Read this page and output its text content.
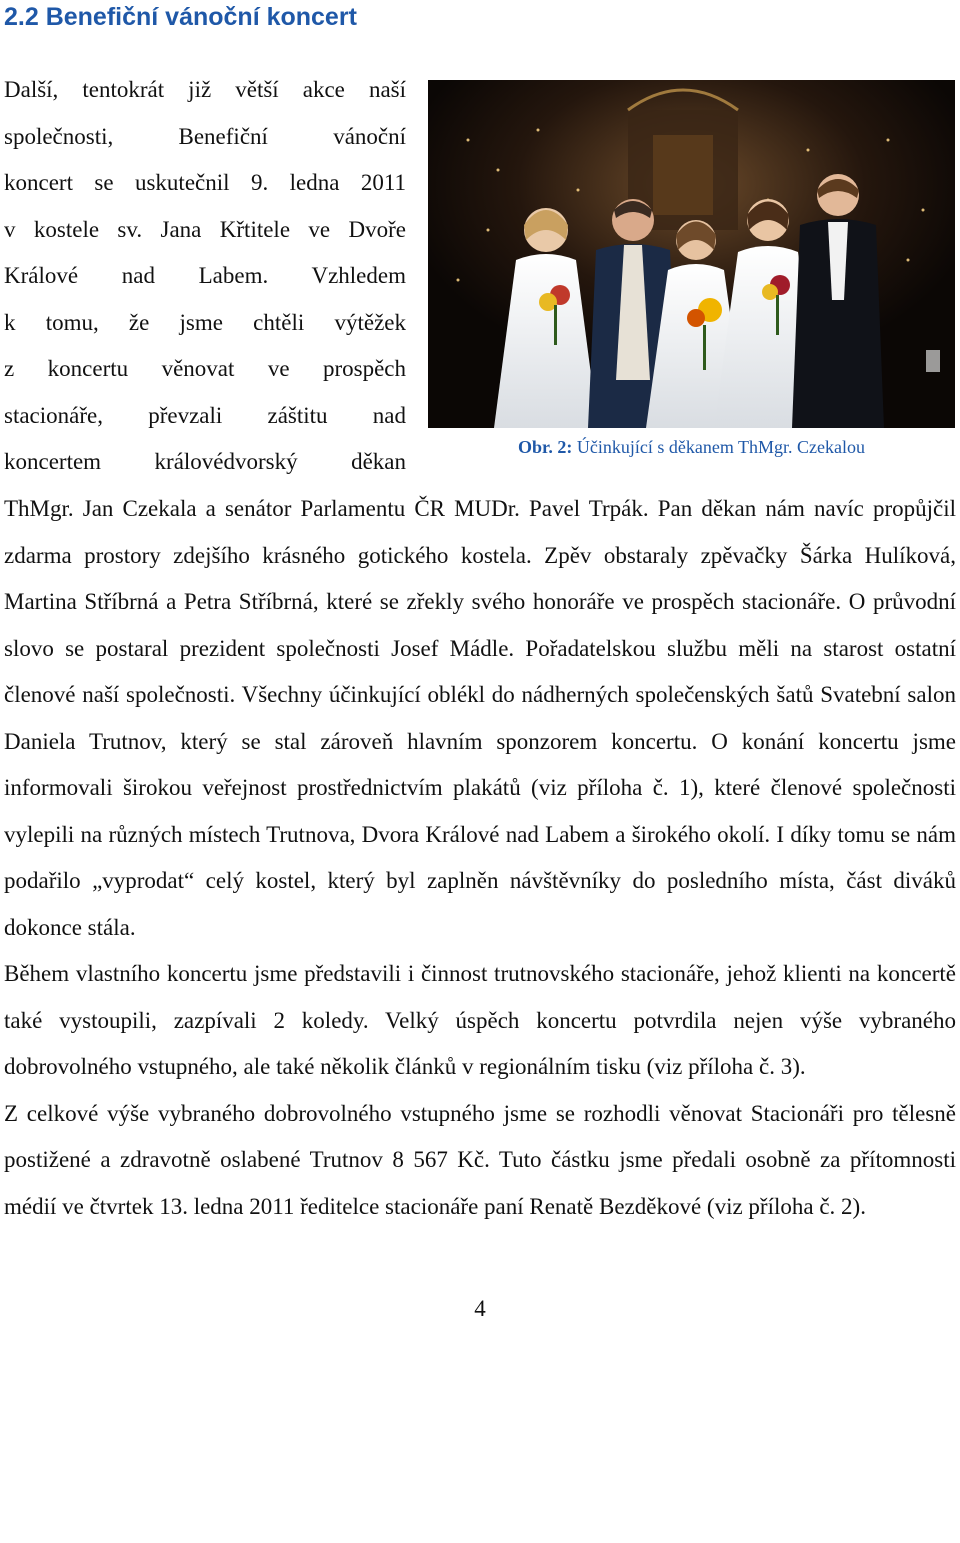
2.2 Benefiční vánoční koncert
Další, tentokrát již větší akce naší
společnosti, Benefiční vánoční
koncert se uskutečnil 9. ledna 2011
v kostele sv. Jana Křtitele ve Dvoře
Králové nad Labem. Vzhledem
k tomu, že jsme chtěli výtěžek
z koncertu věnovat ve prospěch
stacionáře, převzali záštitu nad
koncertem královédvorský děkan

Obr. 2: Účinkující s děkanem ThMgr. Czekalou

ThMgr. Jan Czekala a senátor Parlamentu ČR MUDr. Pavel Trpák. Pan děkan nám navíc propůjčil zdarma prostory zdejšího krásného gotického kostela. Zpěv obstaraly zpěvačky Šárka Hulíková, Martina Stříbrná a Petra Stříbrná, které se zřekly svého honoráře ve prospěch stacionáře. O průvodní slovo se postaral prezident společnosti Josef Mádle. Pořadatelskou službu měli na starost ostatní členové naší společnosti. Všechny účinkující oblékl do nádherných společenských šatů Svatební salon Daniela Trutnov, který se stal zároveň hlavním sponzorem koncertu. O konání koncertu jsme informovali širokou veřejnost prostřednictvím plakátů (viz příloha č. 1), které členové společnosti vylepili na různých místech Trutnova, Dvora Králové nad Labem a širokého okolí. I díky tomu se nám podařilo „vyprodat“ celý kostel, který byl zaplněn návštěvníky do posledního místa, část diváků dokonce stála.

Během vlastního koncertu jsme představili i činnost trutnovského stacionáře, jehož klienti na koncertě také vystoupili, zazpívali 2 koledy. Velký úspěch koncertu potvrdila nejen výše vybraného dobrovolného vstupného, ale také několik článků v regionálním tisku (viz příloha č. 3).

Z celkové výše vybraného dobrovolného vstupného jsme se rozhodli věnovat Stacionáři pro tělesně postižené a zdravotně oslabené Trutnov 8 567 Kč. Tuto částku jsme předali osobně za přítomnosti médií ve čtvrtek 13. ledna 2011 ředitelce stacionáře paní Renatě Bezděkové (viz příloha č. 2).

4
